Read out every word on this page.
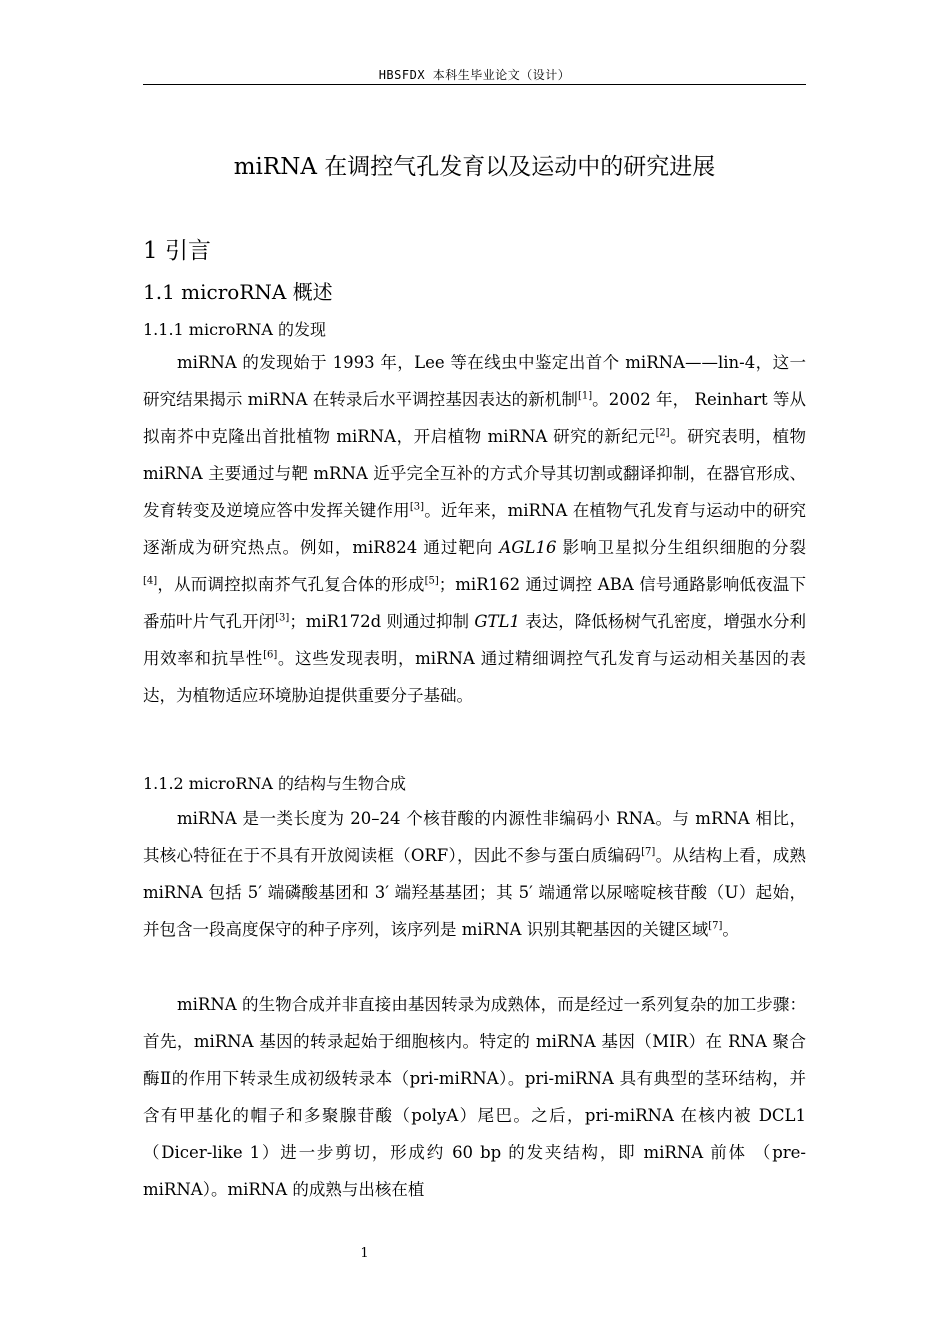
HBSFDX 本科生毕业论文（设计）
miRNA 在调控气孔发育以及运动中的研究进展
1 引言
1.1 microRNA 概述
1.1.1 microRNA 的发现

miRNA 的发现始于 1993 年，Lee 等在线虫中鉴定出首个 miRNA——lin-4，这一研究结果揭示 miRNA 在转录后水平调控基因表达的新机制[1]。2002 年， Reinhart 等从拟南芥中克隆出首批植物 miRNA，开启植物 miRNA 研究的新纪元[2]。研究表明，植物 miRNA 主要通过与靶 mRNA 近乎完全互补的方式介导其切割或翻译抑制，在器官形成、发育转变及逆境应答中发挥关键作用[3]。近年来，miRNA 在植物气孔发育与运动中的研究逐渐成为研究热点。例如，miR824 通过靶向 AGL16 影响卫星拟分生组织细胞的分裂[4]，从而调控拟南芥气孔复合体的形成[5]；miR162 通过调控 ABA 信号通路影响低夜温下番茄叶片气孔开闭[3]；miR172d 则通过抑制 GTL1 表达，降低杨树气孔密度，增强水分利用效率和抗旱性[6]。这些发现表明，miRNA 通过精细调控气孔发育与运动相关基因的表达，为植物适应环境胁迫提供重要分子基础。

1.1.2 microRNA 的结构与生物合成

miRNA 是一类长度为 20–24 个核苷酸的内源性非编码小 RNA。与 mRNA 相比，其核心特征在于不具有开放阅读框（ORF），因此不参与蛋白质编码[7]。从结构上看，成熟 miRNA 包括 5′ 端磷酸基团和 3′ 端羟基基团；其 5′ 端通常以尿嘧啶核苷酸（U）起始，并包含一段高度保守的种子序列，该序列是 miRNA 识别其靶基因的关键区域[7]。

miRNA 的生物合成并非直接由基因转录为成熟体，而是经过一系列复杂的加工步骤：首先，miRNA 基因的转录起始于细胞核内。特定的 miRNA 基因（MIR）在 RNA 聚合酶Ⅱ的作用下转录生成初级转录本（pri-miRNA）。pri-miRNA 具有典型的茎环结构，并含有甲基化的帽子和多聚腺苷酸（polyA）尾巴。之后，pri-miRNA 在核内被 DCL1 （Dicer-like 1）进一步剪切，形成约 60 bp 的发夹结构，即 miRNA 前体 （pre-miRNA）。miRNA 的成熟与出核在植

1
